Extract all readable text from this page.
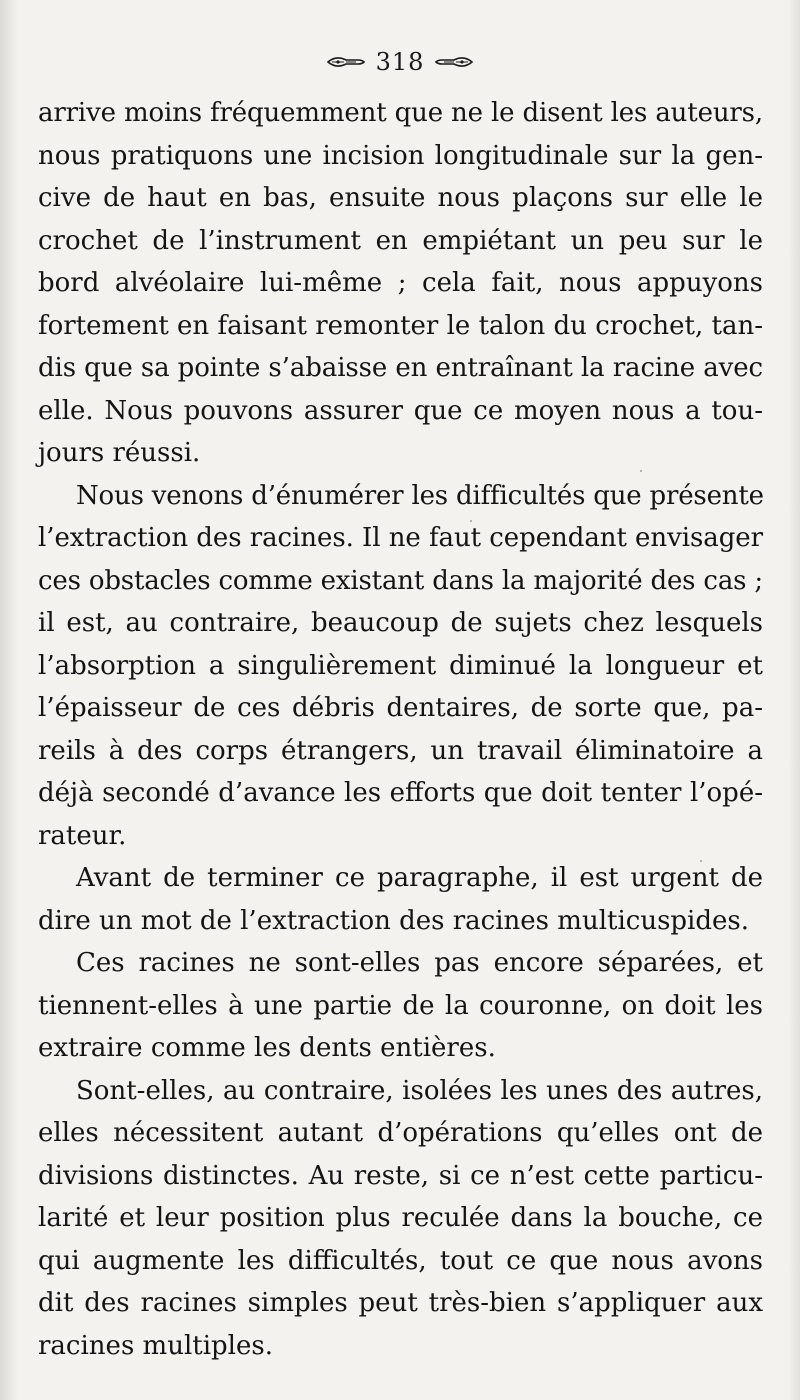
318
arrive moins fréquemment que ne le disent les auteurs,
nous pratiquons une incision longitudinale sur la gen-
cive de haut en bas, ensuite nous plaçons sur elle le
crochet de l’instrument en empiétant un peu sur le
bord alvéolaire lui-même ; cela fait, nous appuyons
fortement en faisant remonter le talon du crochet, tan-
dis que sa pointe s’abaisse en entraînant la racine avec
elle. Nous pouvons assurer que ce moyen nous a tou-
jours réussi.
Nous venons d’énumérer les difficultés que présente
l’extraction des racines. Il ne faut cependant envisager
ces obstacles comme existant dans la majorité des cas ;
il est, au contraire, beaucoup de sujets chez lesquels
l’absorption a singulièrement diminué la longueur et
l’épaisseur de ces débris dentaires, de sorte que, pa-
reils à des corps étrangers, un travail éliminatoire a
déjà secondé d’avance les efforts que doit tenter l’opé-
rateur.
Avant de terminer ce paragraphe, il est urgent de
dire un mot de l’extraction des racines multicuspides.
Ces racines ne sont-elles pas encore séparées, et
tiennent-elles à une partie de la couronne, on doit les
extraire comme les dents entières.
Sont-elles, au contraire, isolées les unes des autres,
elles nécessitent autant d’opérations qu’elles ont de
divisions distinctes. Au reste, si ce n’est cette particu-
larité et leur position plus reculée dans la bouche, ce
qui augmente les difficultés, tout ce que nous avons
dit des racines simples peut très-bien s’appliquer aux
racines multiples.
